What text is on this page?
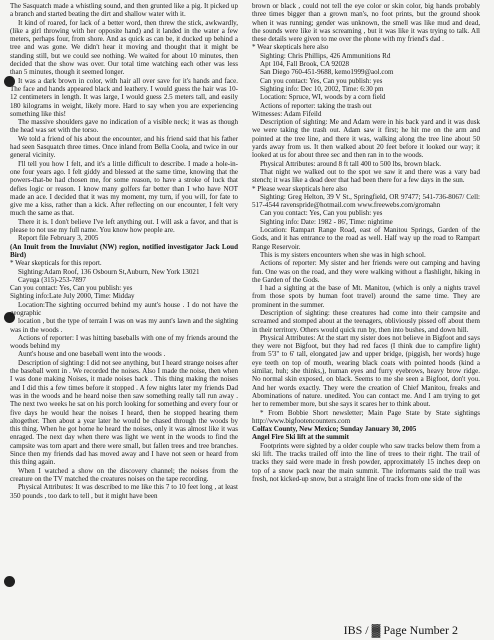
The Sasquatch made a whistling sound, and then grunted like a pig. It picked up a branch and started beating the dirt and shallow water with it.

It kind of roared, for lack of a better word, then threw the stick, awkwardly, (like a girl throwing with her opposite hand) and it landed in the water a few meters, perhaps four, from shore. And as quick as can be, it ducked up behind a tree and was gone. We didn't hear it moving and thought that it might be standing still, but we could see nothing. We waited for about 10 minutes, then decided that the show was over. Our total time watching each other was less than 5 minutes, though it seemed longer.

It was a dark brown in color, with hair all over save for it's hands and face. The face and hands appeared black and leathery. I would guess the hair was 10-12 centimeters in length. It was large, I would guess 2.5 meters tall, and easily 180 kilograms in weight, likely more. Hard to say when you are experiencing something like this!

The massive shoulders gave no indication of a visible neck; it was as though the head was set with the torso.

We told a friend of his about the encounter, and his friend said that his father had seen Sasquatch three times. Once inland from Bella Coola, and twice in our general vicinity.

I'll tell you how I felt, and it's a little difficult to describe. I made a hole-in-one four years ago. I felt giddy and blessed at the same time, knowing that the powers-that-be had chosen me, for some reason, to have a stroke of luck that defies logic or reason. I know many golfers far better than I who have NOT made an ace. I decided that it was my moment, my turn, if you will, for fate to give me a kiss, rather than a kick. After reflecting on our encounter, I felt very much the same as that.

There it is. I don't believe I've left anything out. I will ask a favor, and that is please to not use my full name. You know how people are.

Report file February 3, 2005

(An Inuit from the Inuvialut (NW) region, notified investigator Jack Loud Bird)

* Wear skepticals for this report.

Sighting:Adam Roof, 136 Osbourn St,Auburn, New York 13021

Cayuga (315)-253-7897

Can you contact: Yes, Can you publish: yes

Sighting info:Late July 2000, Time: Midday

Location:The sighting occurred behind my aunt's house . I do not have the geographic

location , but the type of terrain I was on was my aunt's lawn and the sighting was in the woods .

Actions of reporter: I was hitting baseballs with one of my friends around the woods behind my

Aunt's house and one baseball went into the woods .

Description of sighting: I did not see anything, but I heard strange noises after the baseball went in . We recorded the noises. Also I made the noise, then when I was done making Noises, it made noises back . This thing making the noises and I did this a few times before it stopped . A few nights later my friends Dad was in the woods and he heard noise then saw something really tall run away . The next two weeks he sat on his porch looking for something and every four or five days he would hear the noises I heard, then he stopped hearing them altogether. Then about a year later he would be chased through the woods by this thing. When he got home he heard the noises, only it was almost like it was enraged. The next day when there was light we went in the woods to find the campsite was torn apart and there were small, but fallen trees and tree branches. Since then my friends dad has moved away and I have not seen or heard from this thing again.

When I watched a show on the discovery channel; the noises from the creature on the TV matched the creatures noises on the tape recording.

Physical Attributes: It was described to me like this 7 to 10 feet long , at least 350 pounds , too dark to tell , but it might have been

brown or black , could not tell the eye color or skin color, big hands probably three times bigger than a grown man's, no foot prints, but the ground shook when it was running; gender was unknown, the smell was like mud and dead, the sounds were like it was screaming , but it was like it was trying to talk. All these details were given to me over the phone with my friend's dad .

* Wear skepticals here also

Sighting: Chris Phillips, 426 Ammunitions Rd

Apt 104, Fall Brook, CA 92028

San Diego 760-451-9688, kemo1999@aol.com

Can you contact: Yes, Can you publish: yes

Sighting info: Dec 10, 2002, Time: 6:30 pm

Location: Spruce, WI, woods by a corn field

Actions of reporter: taking the trash out

Witnesses: Adam Fifeild

Description of sighting: Me and Adam were in his back yard and it was dusk we were taking the trash out. Adam saw it first; he hit me on the arm and pointed at the tree line, and there it was, walking along the tree line about 50 yards away from us. It then walked about 20 feet before it looked our way; it looked at us for about three sec and then ran in to the woods.

Physical Attributes: around 8 ft tall 400 to 500 lbs, brown black.

That night we walked out to the spot we saw it and there was a vary bad stench; it was like a dead deer that had been there for a few days in the sun.

* Please wear skepticals here also

Sighting: Greg Helton, 39 V St., Springfield, OR 97477; 541-736-8067/ Cell: 517-4544 ravenspride@hotmail.com www.freewebs.com/gromahn

Can you contact: Yes, Can you publish: yes

Sighting info: Date: 1982 - 86', Time: nightime

Location: Rampart Range Road, east of Manitou Springs, Garden of the Gods, and it has entrance to the road as well. Half way up the road to Rampart Range Reservoir.

This is my sisters encounters when she was in high school.

Actions of reporter: My sister and her friends were out camping and having fun. One was on the road, and they were walking without a flashlight, hiking in the Garden of the Gods.

I had a sighting at the base of Mt. Manitou, (which is only a nights travel from those spots by human foot travel) around the same time. They are prominent in the summer.

Description of sighting: these creatures had come into their campsite and screamed and stomped about at the teenagers, obliviously pissed off about them in their territory. Others would quick run by, then into bushes, and down hill.

Physical Attributes: At the start my sister does not believe in Bigfoot and says they were not Bigfoot, but they had red faces (I think due to campfire light) from 5'3" to 6' tall, elongated jaw and upper bridge, (piggish, her words) huge eye teeth on top of mouth, wearing black coats with pointed hoods (kind a similar, huh; she thinks,), human eyes and furry eyebrows, heavy brow ridge. No normal skin exposed, on black. Seems to me she seen a Bigfoot, don't you. And her words exactly. They were the creation of Chief Manitou, freaks and Abominations of nature. unedited. You can contact me. And I am trying to get her to remember more, but she says it scares her to think about.

* From Bobbie Short newsletter; Main Page State by State sightings http://www.bigfootencounters.com

Colfax County, New Mexico; Sunday January 30, 2005

Angel Fire Ski lift at the summit

Footprints were sighted by a older couple who saw tracks below them from a ski lift. The tracks trailed off into the line of trees to their right. The trail of tracks they said were made in fresh powder, approximately 15 inches deep on top of a snow pack near the main summit. The informants said the trail was fresh, not kicked-up snow, but a straight line of tracks from one side of the

IBS / ▓ Page Number 2
